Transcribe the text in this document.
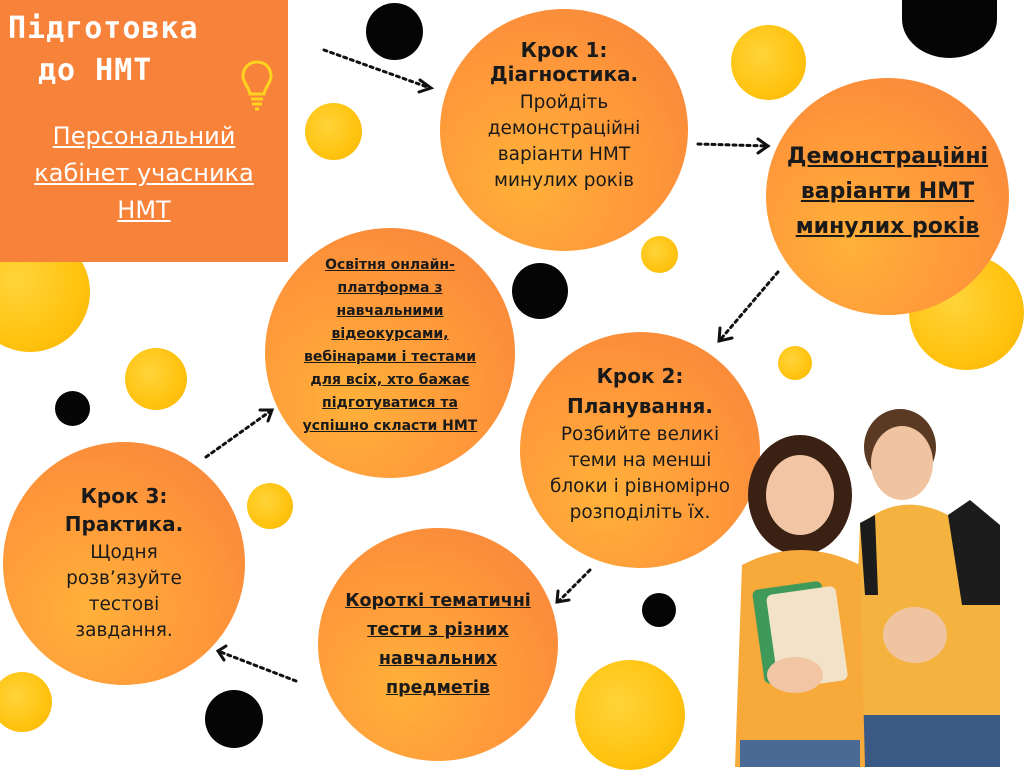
Підготовка
до НМТ
Персональний кабінет учасника НМТ
Крок 1:
Діагностика.
Пройдіть демонстраційні варіанти НМТ минулих років
Демонстраційні варіанти НМТ минулих років
Освітня онлайн-платформа з навчальними відеокурсами, вебінарами і тестами для всіх, хто бажає підготуватися та успішно скласти НМТ
Крок 2:
Планування.
Розбийте великі теми на менші блоки і рівномірно розподіліть їх.
Крок 3:
Практика.
Щодня розв’язуйте тестові завдання.
Короткі тематичні тести з різних навчальних предметів
